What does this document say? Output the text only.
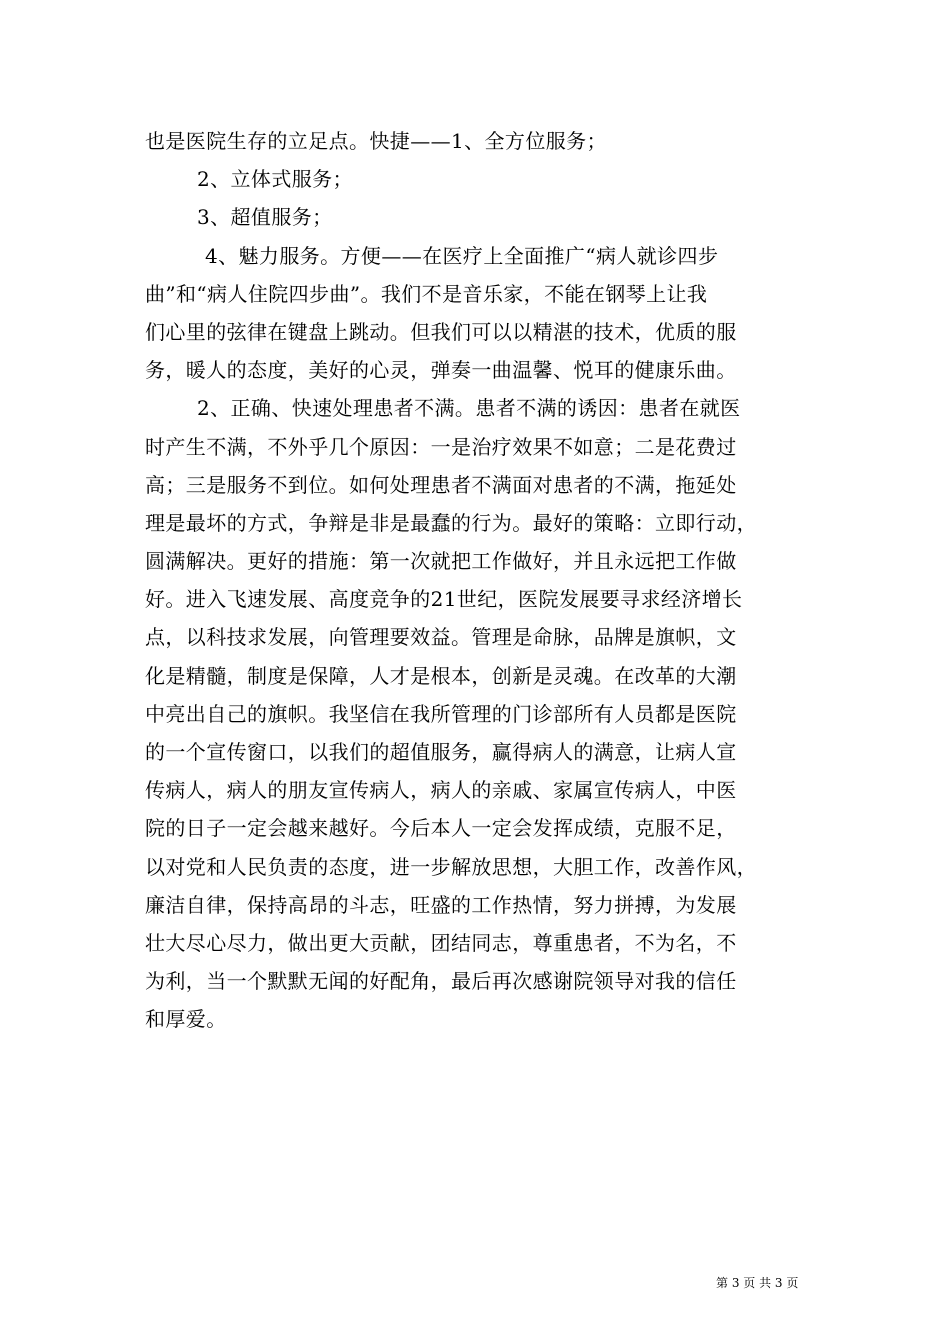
也是医院生存的立足点。快捷——1、全方位服务；
2、立体式服务；
3、超值服务；
4、魅力服务。方便——在医疗上全面推广“病人就诊四步
曲”和“病人住院四步曲”。我们不是音乐家，不能在钢琴上让我
们心里的弦律在键盘上跳动。但我们可以以精湛的技术，优质的服
务，暖人的态度，美好的心灵，弹奏一曲温馨、悦耳的健康乐曲。
2、正确、快速处理患者不满。患者不满的诱因：患者在就医
时产生不满，不外乎几个原因：一是治疗效果不如意；二是花费过
高；三是服务不到位。如何处理患者不满面对患者的不满，拖延处
理是最坏的方式，争辩是非是最蠢的行为。最好的策略：立即行动，
圆满解决。更好的措施：第一次就把工作做好，并且永远把工作做
好。进入飞速发展、高度竞争的21世纪，医院发展要寻求经济增长
点，以科技求发展，向管理要效益。管理是命脉，品牌是旗帜，文
化是精髓，制度是保障，人才是根本，创新是灵魂。在改革的大潮
中亮出自己的旗帜。我坚信在我所管理的门诊部所有人员都是医院
的一个宣传窗口，以我们的超值服务，赢得病人的满意，让病人宣
传病人，病人的朋友宣传病人，病人的亲戚、家属宣传病人，中医
院的日子一定会越来越好。今后本人一定会发挥成绩，克服不足，
以对党和人民负责的态度，进一步解放思想，大胆工作，改善作风，
廉洁自律，保持高昂的斗志，旺盛的工作热情，努力拼搏，为发展
壮大尽心尽力，做出更大贡献，团结同志，尊重患者，不为名，不
为利，当一个默默无闻的好配角，最后再次感谢院领导对我的信任
和厚爱。
第 3 页 共 3 页
